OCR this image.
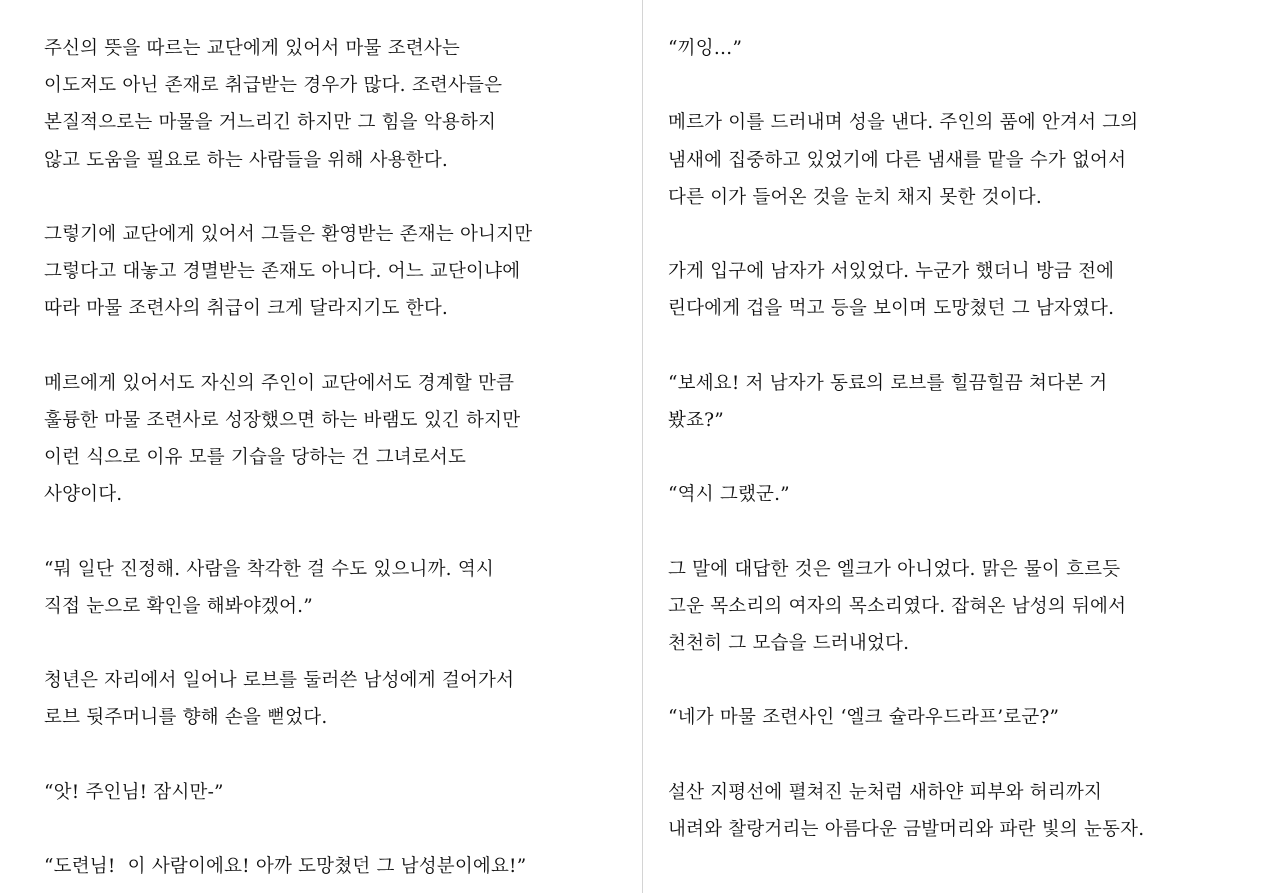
주신의 뜻을 따르는 교단에게 있어서 마물 조련사는
이도저도 아닌 존재로 취급받는 경우가 많다. 조련사들은
본질적으로는 마물을 거느리긴 하지만 그 힘을 악용하지
않고 도움을 필요로 하는 사람들을 위해 사용한다.
그렇기에 교단에게 있어서 그들은 환영받는 존재는 아니지만
그렇다고 대놓고 경멸받는 존재도 아니다. 어느 교단이냐에
따라 마물 조련사의 취급이 크게 달라지기도 한다.
메르에게 있어서도 자신의 주인이 교단에서도 경계할 만큼
훌륭한 마물 조련사로 성장했으면 하는 바램도 있긴 하지만
이런 식으로 이유 모를 기습을 당하는 건 그녀로서도
사양이다.
“뭐 일단 진정해. 사람을 착각한 걸 수도 있으니까. 역시
직접 눈으로 확인을 해봐야겠어.”
청년은 자리에서 일어나 로브를 둘러쓴 남성에게 걸어가서
로브 뒷주머니를 향해 손을 뻗었다.
“앗! 주인님! 잠시만-”
“도련님!  이 사람이에요! 아까 도망쳤던 그 남성분이에요!”
“끼잉…”
메르가 이를 드러내며 성을 낸다. 주인의 품에 안겨서 그의
냄새에 집중하고 있었기에 다른 냄새를 맡을 수가 없어서
다른 이가 들어온 것을 눈치 채지 못한 것이다.
가게 입구에 남자가 서있었다. 누군가 했더니 방금 전에
린다에게 겁을 먹고 등을 보이며 도망쳤던 그 남자였다.
“보세요! 저 남자가 동료의 로브를 힐끔힐끔 쳐다본 거
봤죠?”
“역시 그랬군.”
그 말에 대답한 것은 엘크가 아니었다. 맑은 물이 흐르듯
고운 목소리의 여자의 목소리였다. 잡혀온 남성의 뒤에서
천천히 그 모습을 드러내었다.
“네가 마물 조련사인 ‘엘크 슐라우드라프’로군?”
설산 지평선에 펼쳐진 눈처럼 새하얀 피부와 허리까지
내려와 찰랑거리는 아름다운 금발머리와 파란 빛의 눈동자.
